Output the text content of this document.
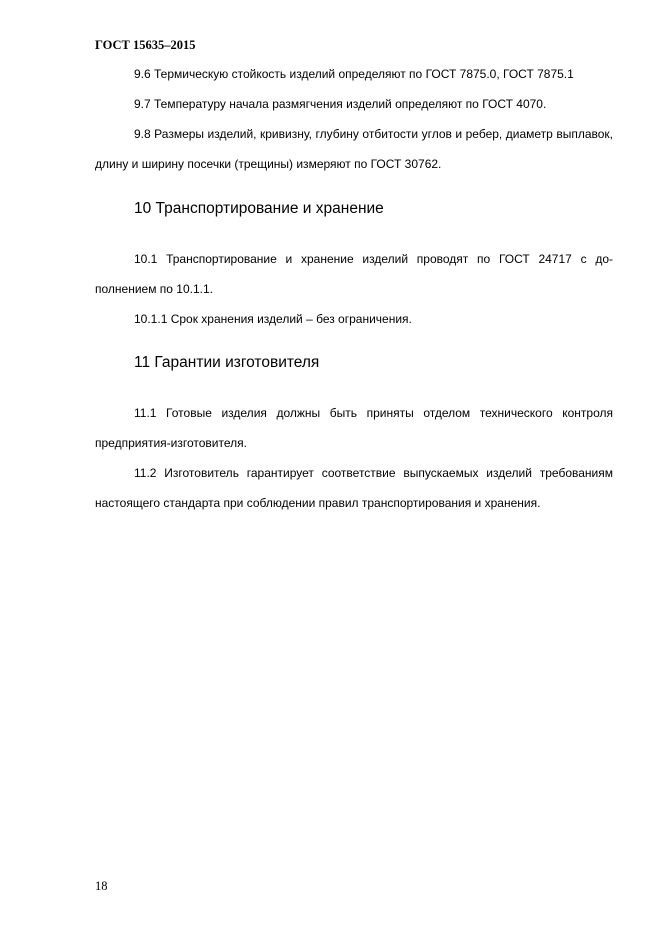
ГОСТ 15635–2015

9.6 Термическую стойкость изделий определяют по ГОСТ 7875.0, ГОСТ 7875.1

9.7 Температуру начала размягчения изделий определяют по ГОСТ 4070.

9.8 Размеры изделий, кривизну, глубину отбитости углов и ребер, диаметр выплавок, длину и ширину посечки (трещины) измеряют по ГОСТ 30762.

10 Транспортирование и хранение

10.1 Транспортирование и хранение изделий проводят по ГОСТ 24717 с дополнением по 10.1.1.

10.1.1 Срок хранения изделий – без ограничения.

11 Гарантии изготовителя

11.1 Готовые изделия должны быть приняты отделом технического контроля предприятия-изготовителя.

11.2 Изготовитель гарантирует соответствие выпускаемых изделий требованиям настоящего стандарта при соблюдении правил транспортирования и хранения.

18
